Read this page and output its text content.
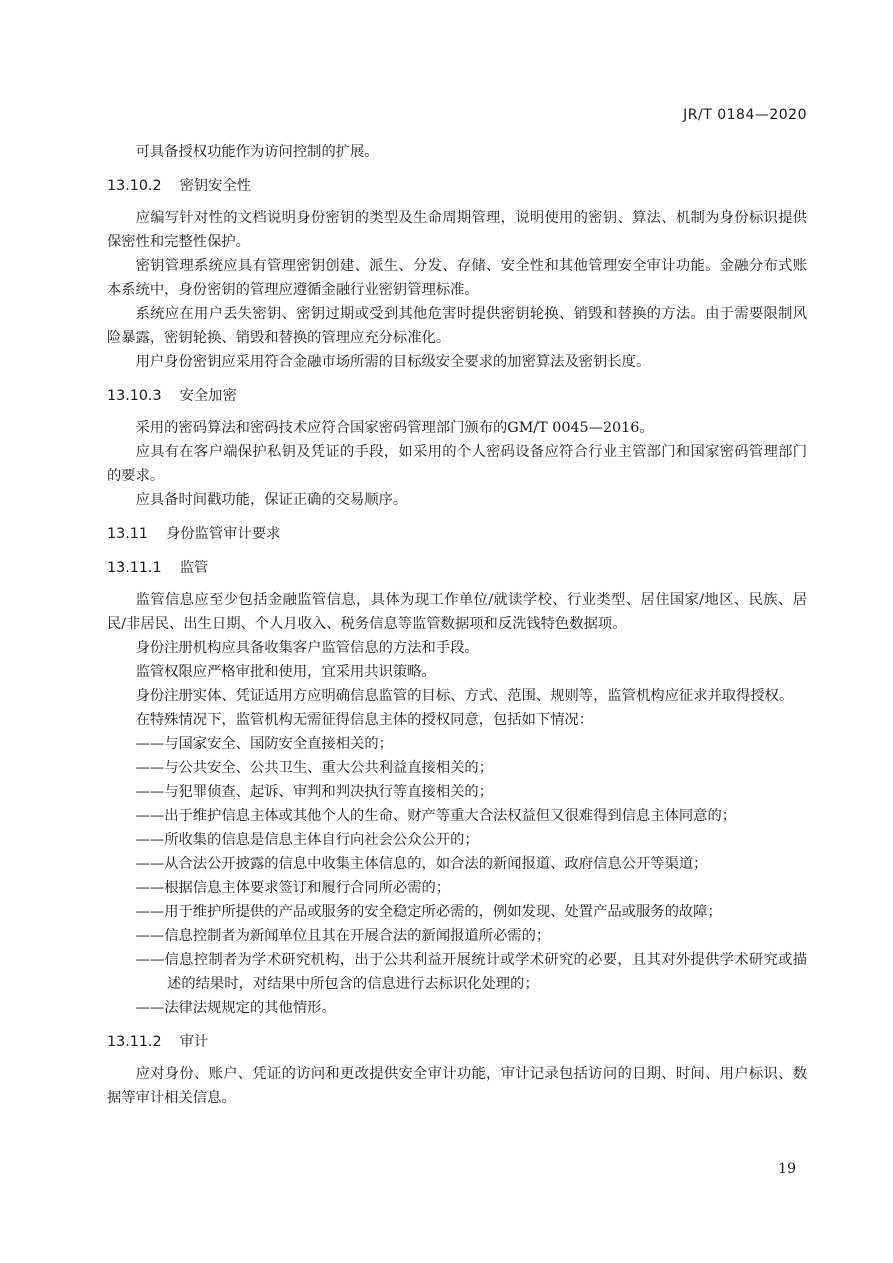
JR/T 0184—2020

可具备授权功能作为访问控制的扩展。

13.10.2 密钥安全性

应编写针对性的文档说明身份密钥的类型及生命周期管理，说明使用的密钥、算法、机制为身份标识提供保密性和完整性保护。

密钥管理系统应具有管理密钥创建、派生、分发、存储、安全性和其他管理安全审计功能。金融分布式账本系统中，身份密钥的管理应遵循金融行业密钥管理标准。

系统应在用户丢失密钥、密钥过期或受到其他危害时提供密钥轮换、销毁和替换的方法。由于需要限制风险暴露，密钥轮换、销毁和替换的管理应充分标准化。

用户身份密钥应采用符合金融市场所需的目标级安全要求的加密算法及密钥长度。

13.10.3 安全加密

采用的密码算法和密码技术应符合国家密码管理部门颁布的GM/T 0045—2016。

应具有在客户端保护私钥及凭证的手段，如采用的个人密码设备应符合行业主管部门和国家密码管理部门的要求。

应具备时间戳功能，保证正确的交易顺序。

13.11 身份监管审计要求
13.11.1 监管

监管信息应至少包括金融监管信息，具体为现工作单位/就读学校、行业类型、居住国家/地区、民族、居民/非居民、出生日期、个人月收入、税务信息等监管数据项和反洗钱特色数据项。

身份注册机构应具备收集客户监管信息的方法和手段。

监管权限应严格审批和使用，宜采用共识策略。

身份注册实体、凭证适用方应明确信息监管的目标、方式、范围、规则等，监管机构应征求并取得授权。

在特殊情况下，监管机构无需征得信息主体的授权同意，包括如下情况：

——与国家安全、国防安全直接相关的；

——与公共安全、公共卫生、重大公共利益直接相关的；

——与犯罪侦查、起诉、审判和判决执行等直接相关的；

——出于维护信息主体或其他个人的生命、财产等重大合法权益但又很难得到信息主体同意的；

——所收集的信息是信息主体自行向社会公众公开的；

——从合法公开披露的信息中收集主体信息的，如合法的新闻报道、政府信息公开等渠道；

——根据信息主体要求签订和履行合同所必需的；

——用于维护所提供的产品或服务的安全稳定所必需的，例如发现、处置产品或服务的故障；

——信息控制者为新闻单位且其在开展合法的新闻报道所必需的；

——信息控制者为学术研究机构，出于公共利益开展统计或学术研究的必要，且其对外提供学术研究或描述的结果时，对结果中所包含的信息进行去标识化处理的；

——法律法规规定的其他情形。

13.11.2 审计

应对身份、账户、凭证的访问和更改提供安全审计功能，审计记录包括访问的日期、时间、用户标识、数据等审计相关信息。

19
